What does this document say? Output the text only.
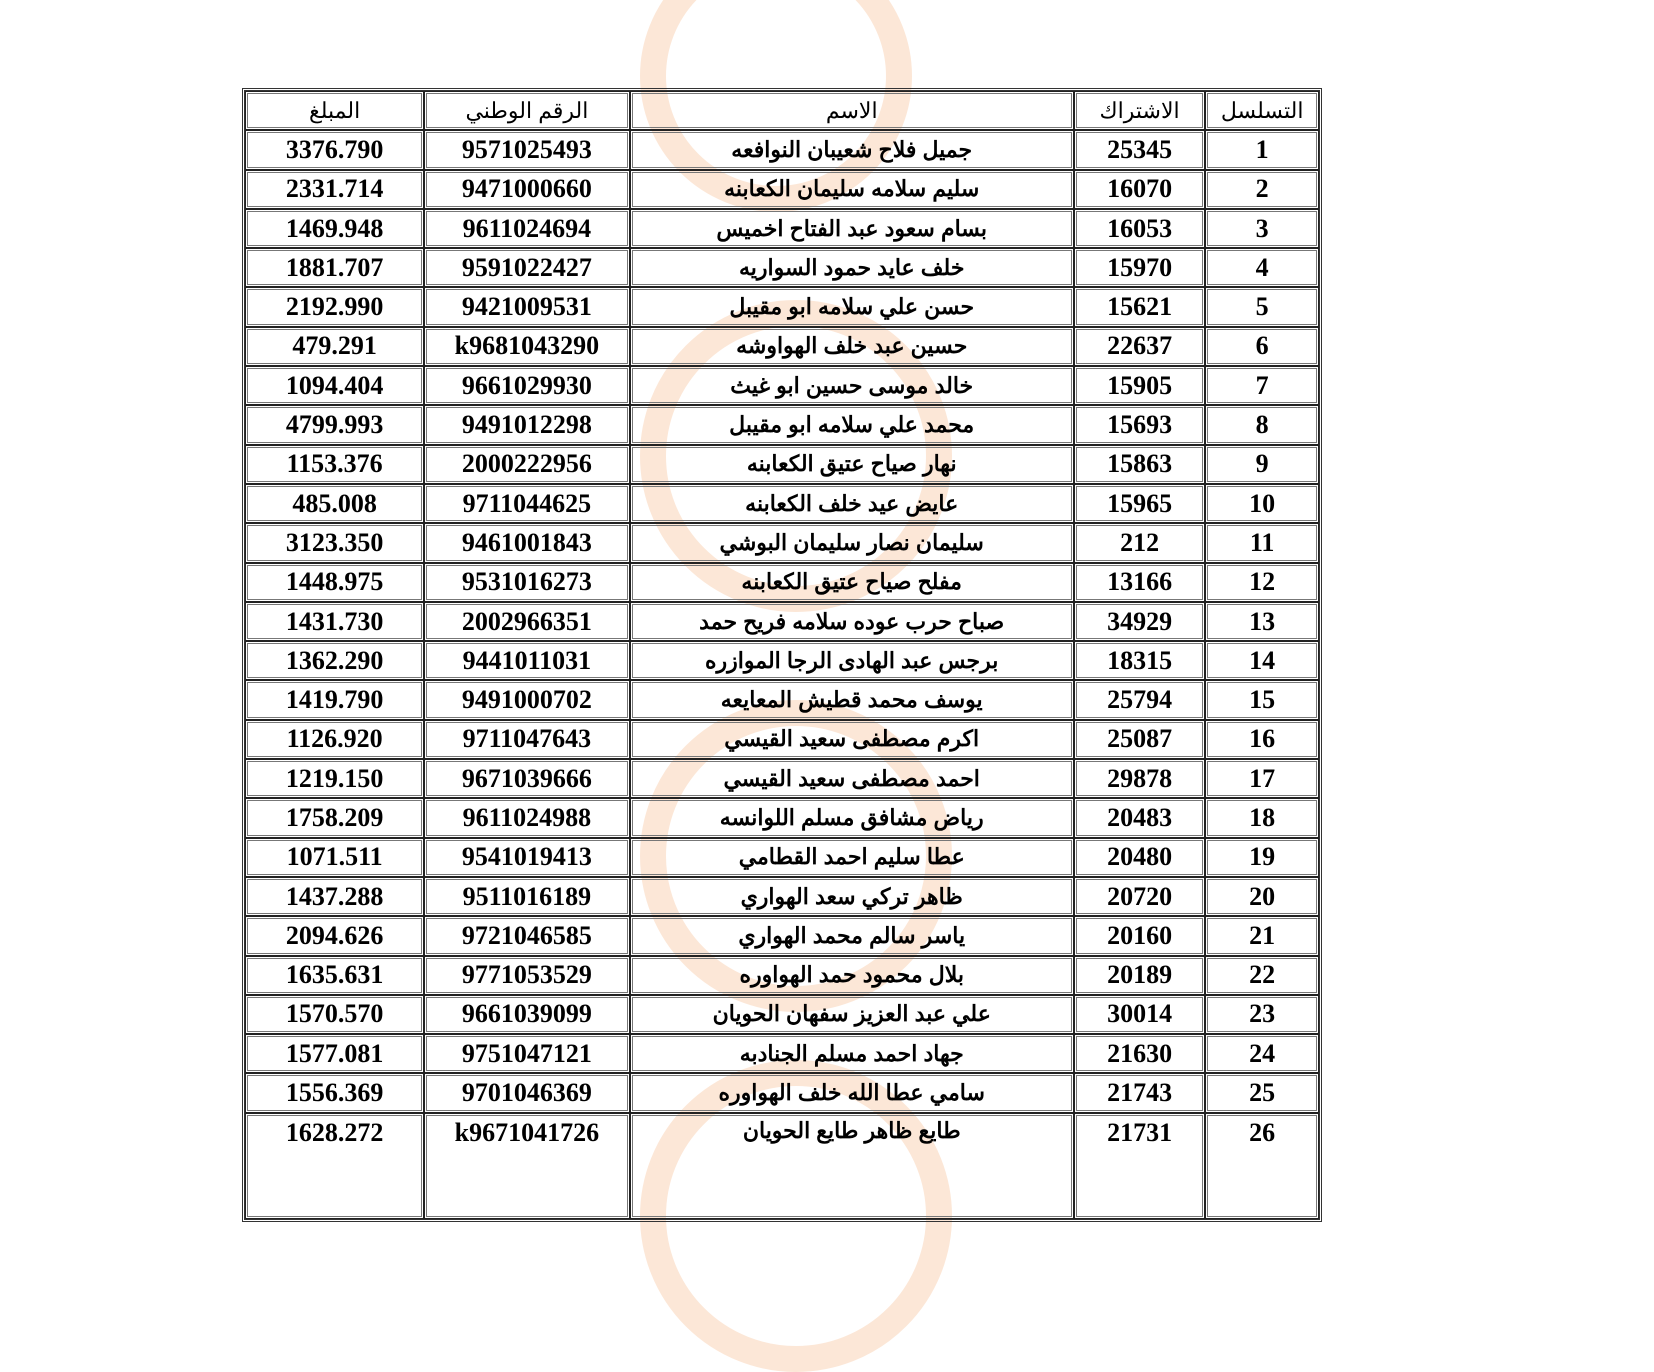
التسلسل	الاشتراك	الاسم	الرقم الوطني	المبلغ
1	25345	جميل فلاح شعيبان النوافعه	9571025493	3376.790
2	16070	سليم سلامه سليمان الكعابنه	9471000660	2331.714
3	16053	بسام سعود عبد الفتاح اخميس	9611024694	1469.948
4	15970	خلف عايد حمود السواريه	9591022427	1881.707
5	15621	حسن علي سلامه ابو مقيبل	9421009531	2192.990
6	22637	حسين عبد خلف الهواوشه	k9681043290	479.291
7	15905	خالد موسى حسين ابو غيث	9661029930	1094.404
8	15693	محمد علي سلامه ابو مقيبل	9491012298	4799.993
9	15863	نهار صياح عتيق الكعابنه	2000222956	1153.376
10	15965	عايض عيد خلف الكعابنه	9711044625	485.008
11	212	سليمان نصار سليمان البوشي	9461001843	3123.350
12	13166	مفلح صياح عتيق الكعابنه	9531016273	1448.975
13	34929	صباح حرب عوده سلامه فريح حمد	2002966351	1431.730
14	18315	برجس عبد الهادى الرجا الموازره	9441011031	1362.290
15	25794	يوسف محمد قطيش المعايعه	9491000702	1419.790
16	25087	اكرم مصطفى سعيد القيسي	9711047643	1126.920
17	29878	احمد مصطفى سعيد القيسي	9671039666	1219.150
18	20483	رياض مشافق مسلم اللوانسه	9611024988	1758.209
19	20480	عطا سليم احمد القطامي	9541019413	1071.511
20	20720	ظاهر تركي سعد الهواري	9511016189	1437.288
21	20160	ياسر سالم محمد الهواري	9721046585	2094.626
22	20189	بلال محمود حمد الهواوره	9771053529	1635.631
23	30014	علي عبد العزيز سفهان الحويان	9661039099	1570.570
24	21630	جهاد احمد مسلم الجنادبه	9751047121	1577.081
25	21743	سامي عطا الله خلف الهواوره	9701046369	1556.369
26	21731	طايع ظاهر طايع الحويان	k9671041726	1628.272
